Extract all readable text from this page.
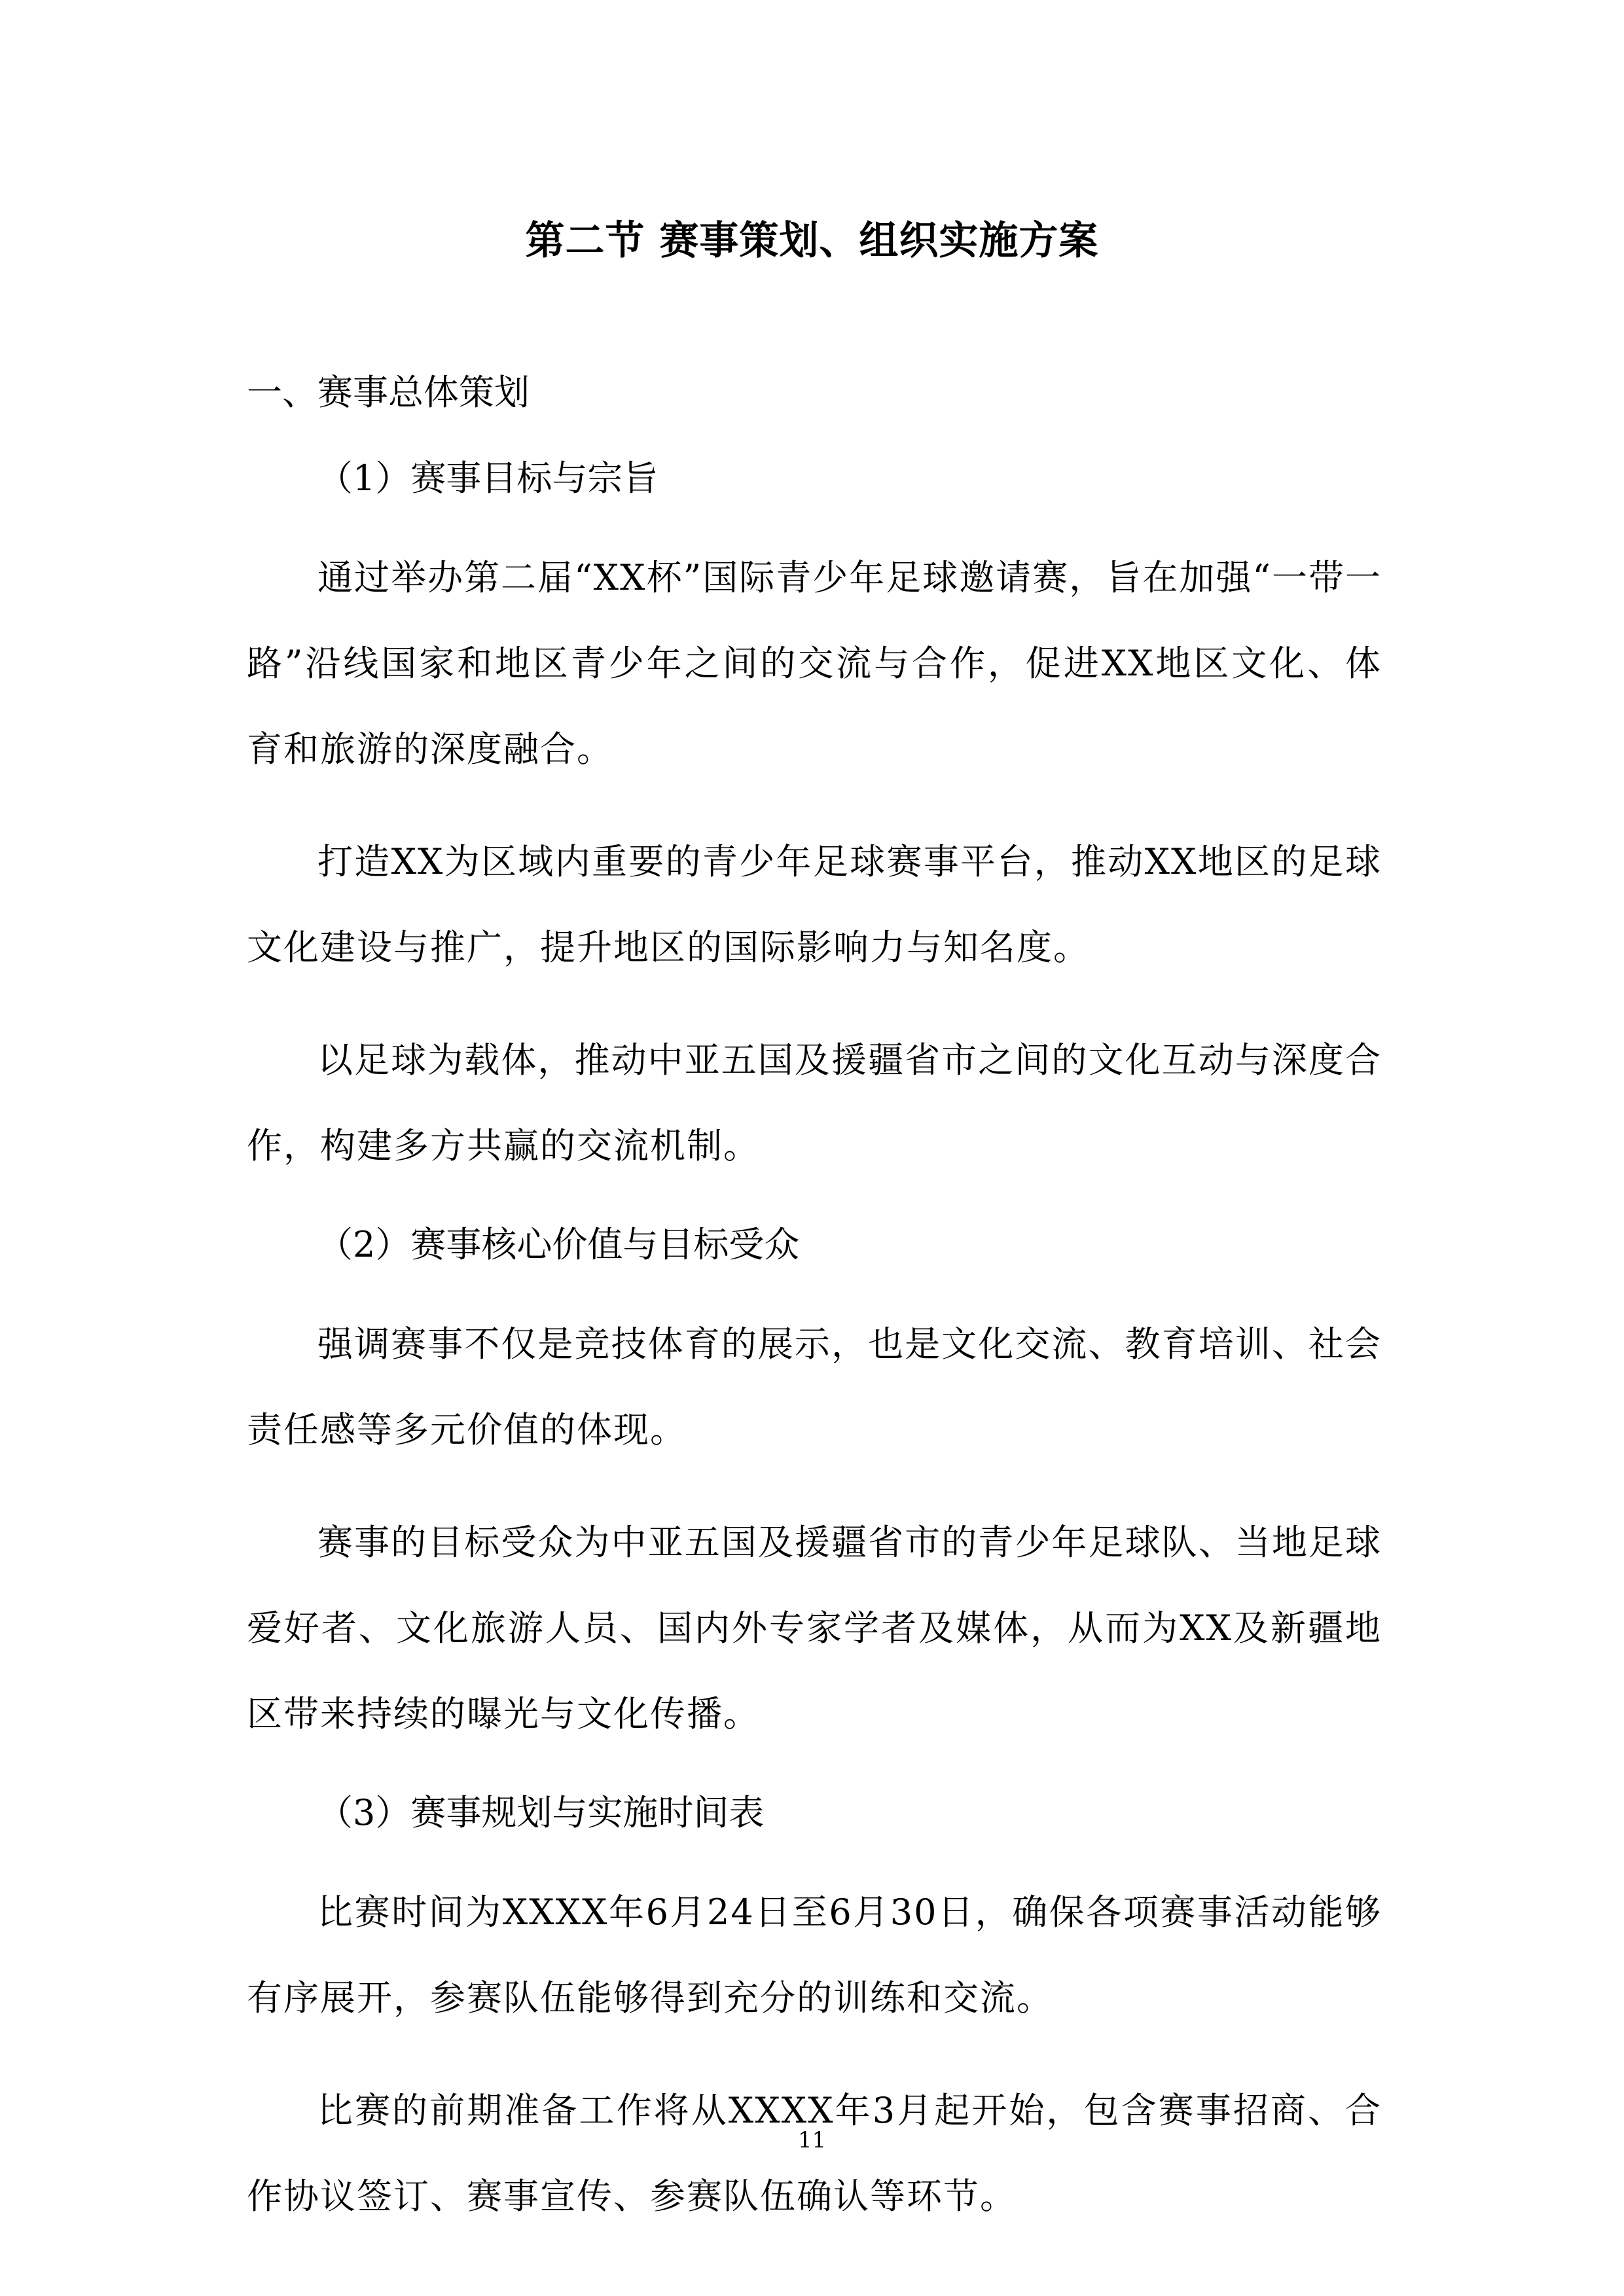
第二节 赛事策划、组织实施方案
一、赛事总体策划
（1）赛事目标与宗旨

通过举办第二届“XX杯”国际青少年足球邀请赛，旨在加强“一带一路”沿线国家和地区青少年之间的交流与合作，促进XX地区文化、体育和旅游的深度融合。

打造XX为区域内重要的青少年足球赛事平台，推动XX地区的足球文化建设与推广，提升地区的国际影响力与知名度。

以足球为载体，推动中亚五国及援疆省市之间的文化互动与深度合作，构建多方共赢的交流机制。

（2）赛事核心价值与目标受众

强调赛事不仅是竞技体育的展示，也是文化交流、教育培训、社会责任感等多元价值的体现。

赛事的目标受众为中亚五国及援疆省市的青少年足球队、当地足球爱好者、文化旅游人员、国内外专家学者及媒体，从而为XX及新疆地区带来持续的曝光与文化传播。

（3）赛事规划与实施时间表

比赛时间为XXXX年6月24日至6月30日，确保各项赛事活动能够有序展开，参赛队伍能够得到充分的训练和交流。

比赛的前期准备工作将从XXXX年3月起开始，包含赛事招商、合作协议签订、赛事宣传、参赛队伍确认等环节。

11
